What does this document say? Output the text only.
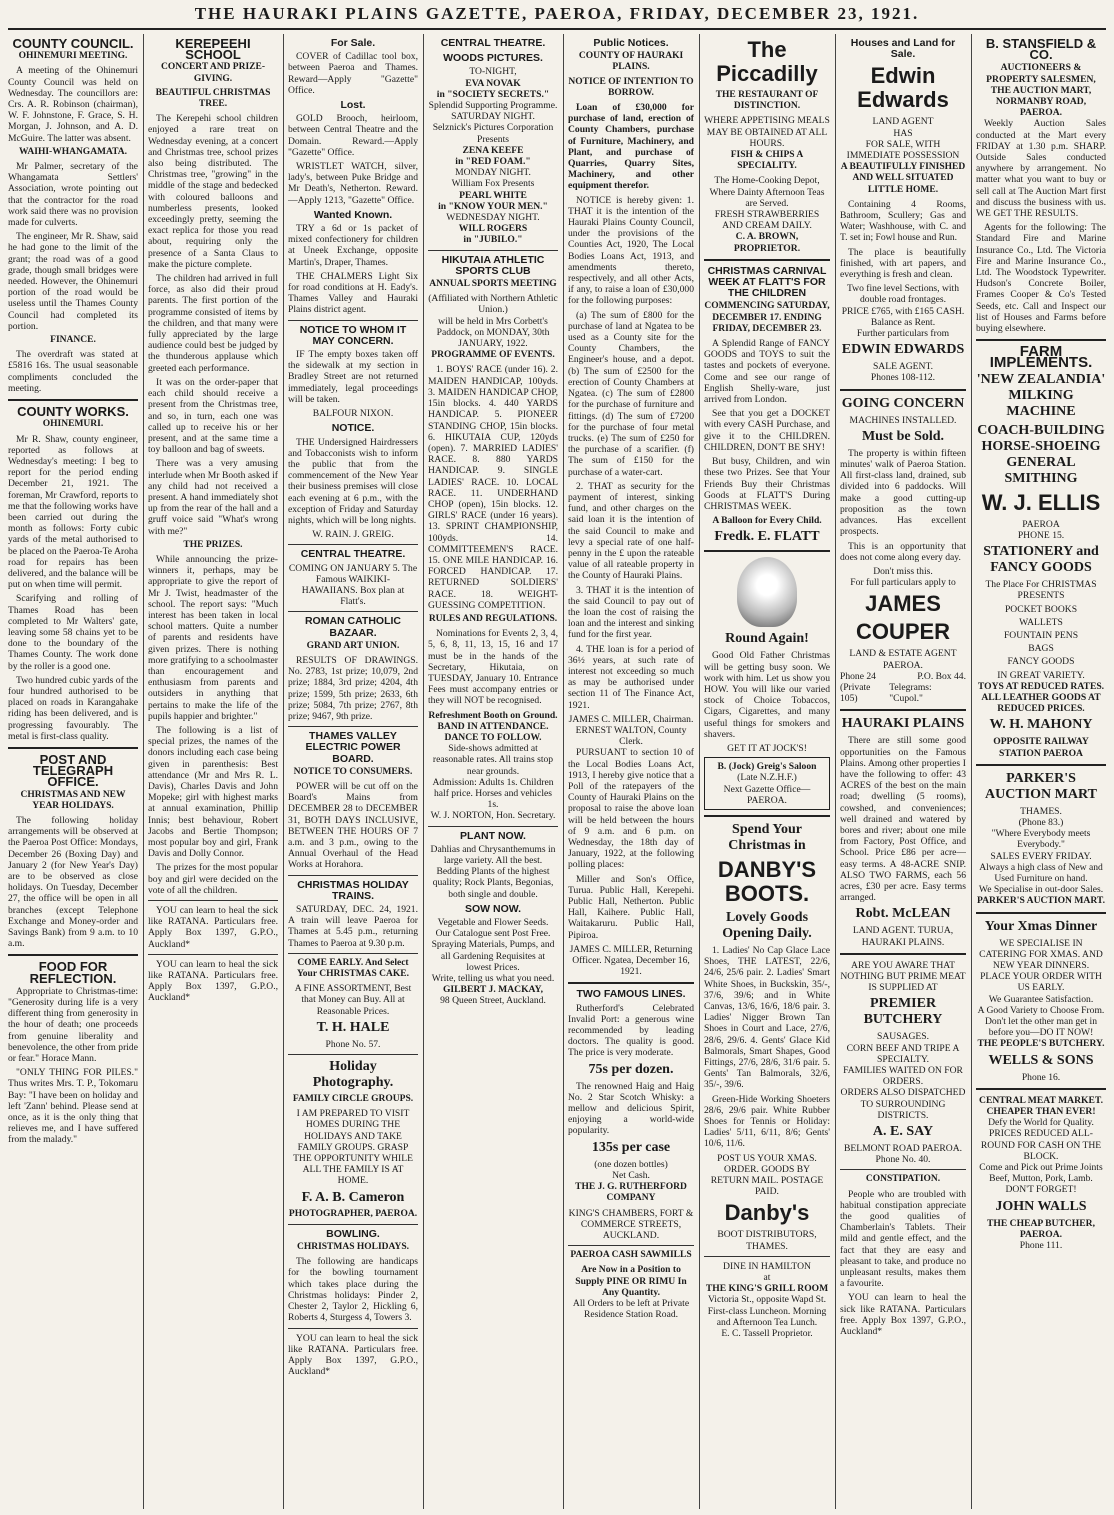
THE HAURAKI PLAINS GAZETTE, PAEROA, FRIDAY, DECEMBER 23, 1921.
COUNTY COUNCIL.
OHINEMURI MEETING.

A meeting of the Ohinemuri County Council was held on Wednesday. The councillors are: Crs. A. R. Robinson (chairman), W. F. Johnstone, F. Grace, S. H. Morgan, J. Johnson, and A. D. McGuire. The latter was absent.

WAIHI-WHANGAMATA.

Mr Palmer, secretary of the Whangamata Settlers' Association, wrote pointing out that the contractor for the road work said there was no provision made for culverts.

The engineer, Mr R. Shaw, said he had gone to the limit of the grant; the road was of a good grade, though small bridges were needed. However, the Ohinemuri portion of the road would be useless until the Thames County Council had completed its portion.

FINANCE.

The overdraft was stated at £5816 16s. The usual seasonable compliments concluded the meeting.

COUNTY WORKS.
OHINEMURI.

Mr R. Shaw, county engineer, reported as follows at Wednesday's meeting: I beg to report for the period ending December 21, 1921. The foreman, Mr Crawford, reports to me that the following works have been carried out during the month as follows: Forty cubic yards of the metal authorised to be placed on the Paeroa-Te Aroha road for repairs has been delivered, and the balance will be put on when time will permit.

Scarifying and rolling of Thames Road has been completed to Mr Walters' gate, leaving some 58 chains yet to be done to the boundary of the Thames County. The work done by the roller is a good one.

Two hundred cubic yards of the four hundred authorised to be placed on roads in Karangahake riding has been delivered, and is progressing favourably. The metal is first-class quality.

POST AND TELEGRAPH OFFICE.
CHRISTMAS AND NEW YEAR HOLIDAYS.

The following holiday arrangements will be observed at the Paeroa Post Office: Mondays, December 26 (Boxing Day) and January 2 (for New Year's Day) are to be observed as close holidays. On Tuesday, December 27, the office will be open in all branches (except Telephone Exchange and Money-order and Savings Bank) from 9 a.m. to 10 a.m.

FOOD FOR REFLECTION.

Appropriate to Christmas-time: "Generosity during life is a very different thing from generosity in the hour of death; one proceeds from genuine liberality and benevolence, the other from pride or fear." Horace Mann.

"ONLY THING FOR PILES." Thus writes Mrs. T. P., Tokomaru Bay: "I have been on holiday and left 'Zann' behind. Please send at once, as it is the only thing that relieves me, and I have suffered from the malady."

KEREPEEHI SCHOOL
CONCERT AND PRIZE-GIVING.
BEAUTIFUL CHRISTMAS TREE.

The Kerepehi school children enjoyed a rare treat on Wednesday evening, at a concert and Christmas tree, school prizes also being distributed. The Christmas tree, "growing" in the middle of the stage and bedecked with coloured balloons and numberless presents, looked exceedingly pretty, seeming the exact replica for those you read about, requiring only the presence of a Santa Claus to make the picture complete.

The children had arrived in full force, as also did their proud parents. The first portion of the programme consisted of items by the children, and that many were fully appreciated by the large audience could best be judged by the thunderous applause which greeted each performance.

It was on the order-paper that each child should receive a present from the Christmas tree, and so, in turn, each one was called up to receive his or her present, and at the same time a toy balloon and bag of sweets.

There was a very amusing interlude when Mr Booth asked if any child had not received a present. A hand immediately shot up from the rear of the hall and a gruff voice said "What's wrong with me?"

THE PRIZES.

While announcing the prize-winners it, perhaps, may be appropriate to give the report of Mr J. Twist, headmaster of the school. The report says: "Much interest has been taken in local school matters. Quite a number of parents and residents have given prizes. There is nothing more gratifying to a schoolmaster than encouragement and enthusiasm from parents and outsiders in anything that pertains to make the life of the pupils happier and brighter."

The following is a list of special prizes, the names of the donors including each case being given in parenthesis: Best attendance (Mr and Mrs R. L. Davis), Charles Davis and John Mopeke; girl with highest marks at annual examination, Phillip Innis; best behaviour, Robert Jacobs and Bertie Thompson; most popular boy and girl, Frank Davis and Dolly Connor.

The prizes for the most popular boy and girl were decided on the vote of all the children.

YOU can learn to heal the sick like RATANA. Particulars free. Apply Box 1397, G.P.O., Auckland*

YOU can learn to heal the sick like RATANA. Particulars free. Apply Box 1397, G.P.O., Auckland*

For Sale.

COVER of Cadillac tool box, between Paeroa and Thames. Reward—Apply "Gazette" Office.

Lost.

GOLD Brooch, heirloom, between Central Theatre and the Domain. Reward.—Apply "Gazette" Office.

WRISTLET WATCH, silver, lady's, between Puke Bridge and Mr Death's, Netherton. Reward.—Apply 1213, "Gazette" Office.

Wanted Known.

TRY a 6d or 1s packet of mixed confectionery for children at Uneek Exchange, opposite Martin's, Draper, Thames.

THE CHALMERS Light Six for road conditions at H. Eady's. Thames Valley and Hauraki Plains district agent.

NOTICE TO WHOM IT MAY CONCERN.

IF The empty boxes taken off the sidewalk at my section in Bradley Street are not returned immediately, legal proceedings will be taken.

BALFOUR NIXON.
NOTICE.

THE Undersigned Hairdressers and Tobacconists wish to inform the public that from the commencement of the New Year their business premises will close each evening at 6 p.m., with the exception of Friday and Saturday nights, which will be long nights.

W. RAIN. J. GREIG.
CENTRAL THEATRE.
COMING ON JANUARY 5. The Famous WAIKIKI-HAWAIIANS. Box plan at Flatt's.
ROMAN CATHOLIC BAZAAR.
GRAND ART UNION.

RESULTS OF DRAWINGS. No. 2783, 1st prize; 10,079, 2nd prize; 1884, 3rd prize; 4204, 4th prize; 1599, 5th prize; 2633, 6th prize; 5084, 7th prize; 2767, 8th prize; 9467, 9th prize.

THAMES VALLEY ELECTRIC POWER BOARD.
NOTICE TO CONSUMERS.

POWER will be cut off on the Board's Mains from DECEMBER 28 to DECEMBER 31, BOTH DAYS INCLUSIVE, BETWEEN THE HOURS OF 7 a.m. and 3 p.m., owing to the Annual Overhaul of the Head Works at Horahora.

CHRISTMAS HOLIDAY TRAINS.

SATURDAY, DEC. 24, 1921. A train will leave Paeroa for Thames at 5.45 p.m., returning Thames to Paeroa at 9.30 p.m.

COME EARLY. And Select Your CHRISTMAS CAKE.
A FINE ASSORTMENT, Best that Money can Buy. All at Reasonable Prices.
T. H. HALE
Phone No. 57.
Holiday Photography.
FAMILY CIRCLE GROUPS.
I AM PREPARED TO VISIT HOMES DURING THE HOLIDAYS AND TAKE FAMILY GROUPS. GRASP THE OPPORTUNITY WHILE ALL THE FAMILY IS AT HOME.
F. A. B. Cameron
PHOTOGRAPHER, PAEROA.
BOWLING.
CHRISTMAS HOLIDAYS.

The following are handicaps for the bowling tournament which takes place during the Christmas holidays: Pinder 2, Chester 2, Taylor 2, Hickling 6, Roberts 4, Sturgess 4, Towers 3.

YOU can learn to heal the sick like RATANA. Particulars free. Apply Box 1397, G.P.O., Auckland*

CENTRAL THEATRE.
WOODS PICTURES.
TO-NIGHT,
EVA NOVAK
in "SOCIETY SECRETS."
Splendid Supporting Programme.
SATURDAY NIGHT.
Selznick's Pictures Corporation Presents
ZENA KEEFE
in "RED FOAM."
MONDAY NIGHT.
William Fox Presents
PEARL WHITE
in "KNOW YOUR MEN."
WEDNESDAY NIGHT.
WILL ROGERS
in "JUBILO."
HIKUTAIA ATHLETIC SPORTS CLUB
ANNUAL SPORTS MEETING
(Affiliated with Northern Athletic Union.)
will be held in Mrs Corbett's Paddock, on MONDAY, 30th JANUARY, 1922.
PROGRAMME OF EVENTS.

1. BOYS' RACE (under 16). 2. MAIDEN HANDICAP, 100yds. 3. MAIDEN HANDICAP CHOP, 15in blocks. 4. 440 YARDS HANDICAP. 5. PIONEER STANDING CHOP, 15in blocks. 6. HIKUTAIA CUP, 120yds (open). 7. MARRIED LADIES' RACE. 8. 880 YARDS HANDICAP. 9. SINGLE LADIES' RACE. 10. LOCAL RACE. 11. UNDERHAND CHOP (open), 15in blocks. 12. GIRLS' RACE (under 16 years). 13. SPRINT CHAMPIONSHIP, 100yds. 14. COMMITTEEMEN'S RACE. 15. ONE MILE HANDICAP. 16. FORCED HANDICAP. 17. RETURNED SOLDIERS' RACE. 18. WEIGHT-GUESSING COMPETITION.

RULES AND REGULATIONS.

Nominations for Events 2, 3, 4, 5, 6, 8, 11, 13, 15, 16 and 17 must be in the hands of the Secretary, Hikutaia, on TUESDAY, January 10. Entrance Fees must accompany entries or they will NOT be recognised.

Refreshment Booth on Ground. BAND IN ATTENDANCE. DANCE TO FOLLOW.
Side-shows admitted at reasonable rates. All trains stop near grounds.
Admission: Adults 1s. Children half price. Horses and vehicles 1s.
W. J. NORTON, Hon. Secretary.
PLANT NOW.
Dahlias and Chrysanthemums in large variety. All the best.
Bedding Plants of the highest quality; Rock Plants, Begonias, both single and double.
SOW NOW.
Vegetable and Flower Seeds.
Our Catalogue sent Post Free.
Spraying Materials, Pumps, and all Gardening Requisites at lowest Prices.
Write, telling us what you need.
GILBERT J. MACKAY,
98 Queen Street, Auckland.
Public Notices.
COUNTY OF HAURAKI PLAINS.
NOTICE OF INTENTION TO BORROW.

Loan of £30,000 for purchase of land, erection of County Chambers, purchase of Furniture, Machinery, and Plant, and purchase of Quarries, Quarry Sites, Machinery, and other equipment therefor.

NOTICE is hereby given: 1. THAT it is the intention of the Hauraki Plains County Council, under the provisions of the Counties Act, 1920, The Local Bodies Loans Act, 1913, and amendments thereto, respectively, and all other Acts, if any, to raise a loan of £30,000 for the following purposes:

(a) The sum of £800 for the purchase of land at Ngatea to be used as a County site for the County Chambers, the Engineer's house, and a depot. (b) The sum of £2500 for the erection of County Chambers at Ngatea. (c) The sum of £2800 for the purchase of furniture and fittings. (d) The sum of £7200 for the purchase of four metal trucks. (e) The sum of £250 for the purchase of a scarifier. (f) The sum of £150 for the purchase of a water-cart.

2. THAT as security for the payment of interest, sinking fund, and other charges on the said loan it is the intention of the said Council to make and levy a special rate of one half-penny in the £ upon the rateable value of all rateable property in the County of Hauraki Plains.

3. THAT it is the intention of the said Council to pay out of the loan the cost of raising the loan and the interest and sinking fund for the first year.

4. THE loan is for a period of 36½ years, at such rate of interest not exceeding so much as may be authorised under section 11 of The Finance Act, 1921.

JAMES C. MILLER, Chairman. ERNEST WALTON, County Clerk.

PURSUANT to section 10 of the Local Bodies Loans Act, 1913, I hereby give notice that a Poll of the ratepayers of the County of Hauraki Plains on the proposal to raise the above loan will be held between the hours of 9 a.m. and 6 p.m. on Wednesday, the 18th day of January, 1922, at the following polling places:

Miller and Son's Office, Turua. Public Hall, Kerepehi. Public Hall, Netherton. Public Hall, Kaihere. Public Hall, Waitakaruru. Public Hall, Pipiroa.

JAMES C. MILLER, Returning Officer. Ngatea, December 16, 1921.
TWO FAMOUS LINES.

Rutherford's Celebrated Invalid Port: a generous wine recommended by leading doctors. The quality is good. The price is very moderate.

75s per dozen.

The renowned Haig and Haig No. 2 Star Scotch Whisky: a mellow and delicious Spirit, enjoying a world-wide popularity.

135s per case
(one dozen bottles)
Net Cash.
THE J. G. RUTHERFORD COMPANY
KING'S CHAMBERS, FORT & COMMERCE STREETS, AUCKLAND.
PAEROA CASH SAWMILLS
Are Now in a Position to Supply PINE OR RIMU In Any Quantity.
All Orders to be left at Private Residence Station Road.
The Piccadilly
THE RESTAURANT OF DISTINCTION.
WHERE APPETISING MEALS MAY BE OBTAINED AT ALL HOURS.
FISH & CHIPS A SPECIALITY.
The Home-Cooking Depot, Where Dainty Afternoon Teas are Served.
FRESH STRAWBERRIES AND CREAM DAILY.
C. A. BROWN, PROPRIETOR.
CHRISTMAS CARNIVAL WEEK AT FLATT'S FOR THE CHILDREN
COMMENCING SATURDAY, DECEMBER 17. ENDING FRIDAY, DECEMBER 23.

A Splendid Range of FANCY GOODS and TOYS to suit the tastes and pockets of everyone. Come and see our range of English Shelly-ware, just arrived from London.

See that you get a DOCKET with every CASH Purchase, and give it to the CHILDREN. CHILDREN, DON'T BE SHY!

But busy, Children, and win these two Prizes. See that Your Friends Buy their Christmas Goods at FLATT'S During CHRISTMAS WEEK.

A Balloon for Every Child.
Fredk. E. FLATT
Round Again!

Good Old Father Christmas will be getting busy soon. We work with him. Let us show you HOW. You will like our varied stock of Choice Tobaccos, Cigars, Cigarettes, and many useful things for smokers and shavers.

GET IT AT JOCK'S!
B. (Jock) Greig's Saloon
(Late N.Z.H.F.)
Next Gazette Office—PAEROA.
Spend Your Christmas in
DANBY'S BOOTS.
Lovely Goods Opening Daily.

1. Ladies' No Cap Glace Lace Shoes, THE LATEST, 22/6, 24/6, 25/6 pair. 2. Ladies' Smart White Shoes, in Buckskin, 35/-, 37/6, 39/6; and in White Canvas, 13/6, 16/6, 18/6 pair. 3. Ladies' Nigger Brown Tan Shoes in Court and Lace, 27/6, 28/6, 29/6. 4. Gents' Glace Kid Balmorals, Smart Shapes, Good Fittings, 27/6, 28/6, 31/6 pair. 5. Gents' Tan Balmorals, 32/6, 35/-, 39/6.

Green-Hide Working Shoeters 28/6, 29/6 pair. White Rubber Shoes for Tennis or Holiday: Ladies' 5/11, 6/11, 8/6; Gents' 10/6, 11/6.

POST US YOUR XMAS. ORDER. GOODS BY RETURN MAIL. POSTAGE PAID.
Danby's
BOOT DISTRIBUTORS, THAMES.
DINE IN HAMILTON
at
THE KING'S GRILL ROOM
Victoria St., opposite Wapd St. First-class Luncheon. Morning and Afternoon Tea Lunch.
E. C. Tassell Proprietor.
Houses and Land for Sale.
Edwin Edwards
LAND AGENT
HAS
FOR SALE, WITH IMMEDIATE POSSESSION
A BEAUTIFULLY FINISHED AND WELL SITUATED LITTLE HOME.

Containing 4 Rooms, Bathroom, Scullery; Gas and Water; Washhouse, with C. and T. set in; Fowl house and Run.

The place is beautifully finished, with art papers, and everything is fresh and clean.

Two fine level Sections, with double road frontages.
PRICE £765, with £165 CASH. Balance as Rent.
Further particulars from
EDWIN EDWARDS
SALE AGENT.
Phones 108-112.
GOING CONCERN
MACHINES INSTALLED.
Must be Sold.

The property is within fifteen minutes' walk of Paeroa Station. All first-class land, drained, sub divided into 6 paddocks. Will make a good cutting-up proposition as the town advances. Has excellent prospects.

This is an opportunity that does not come along every day.

Don't miss this.
For full particulars apply to
JAMES
COUPER
LAND & ESTATE AGENT
PAEROA.
Phone 24	P.O. Box 44.
(Private 105)
Telegrams: "Cupol."
HAURAKI PLAINS

There are still some good opportunities on the Famous Plains. Among other properties I have the following to offer: 43 ACRES of the best on the main road; dwelling (5 rooms), cowshed, and conveniences; well drained and watered by bores and river; about one mile from Factory, Post Office, and School. Price £86 per acre—easy terms. A 48-ACRE SNIP. ALSO TWO FARMS, each 56 acres, £30 per acre. Easy terms arranged.

Robt. McLEAN
LAND AGENT. TURUA, HAURAKI PLAINS.
ARE YOU AWARE THAT NOTHING BUT PRIME MEAT IS SUPPLIED AT
PREMIER BUTCHERY
SAUSAGES.
CORN BEEF AND TRIPE A SPECIALTY.
FAMILIES WAITED ON FOR ORDERS.
ORDERS ALSO DISPATCHED TO SURROUNDING DISTRICTS.
A. E. SAY
BELMONT ROAD PAEROA.
Phone No. 40.
CONSTIPATION.

People who are troubled with habitual constipation appreciate the good qualities of Chamberlain's Tablets. Their mild and gentle effect, and the fact that they are easy and pleasant to take, and produce no unpleasant results, makes them a favourite.

YOU can learn to heal the sick like RATANA. Particulars free. Apply Box 1397, G.P.O., Auckland*

B. STANSFIELD & CO.
AUCTIONEERS & PROPERTY SALESMEN, THE AUCTION MART, NORMANBY ROAD, PAEROA.

Weekly Auction Sales conducted at the Mart every FRIDAY at 1.30 p.m. SHARP. Outside Sales conducted anywhere by arrangement. No matter what you want to buy or sell call at The Auction Mart first and discuss the business with us. WE GET THE RESULTS.

Agents for the following: The Standard Fire and Marine Insurance Co., Ltd. The Victoria Fire and Marine Insurance Co., Ltd. The Woodstock Typewriter. Hudson's Concrete Boiler, Frames Cooper & Co's Tested Seeds, etc. Call and Inspect our list of Houses and Farms before buying elsewhere.

FARM IMPLEMENTS.
'NEW ZEALANDIA' MILKING MACHINE
COACH-BUILDING HORSE-SHOEING GENERAL SMITHING
W. J. ELLIS
PAEROA
PHONE 15.
STATIONERY and FANCY GOODS
The Place For CHRISTMAS PRESENTS
POCKET BOOKS
WALLETS
FOUNTAIN PENS
BAGS
FANCY GOODS
IN GREAT VARIETY.
TOYS AT REDUCED RATES.
ALL LEATHER GOODS AT REDUCED PRICES.
W. H. MAHONY
OPPOSITE RAILWAY STATION PAEROA
PARKER'S AUCTION MART
THAMES.
(Phone 83.)
"Where Everybody meets Everybody."
SALES EVERY FRIDAY.
Always a high class of New and Used Furniture on hand.
We Specialise in out-door Sales.
PARKER'S AUCTION MART.
Your Xmas Dinner
WE SPECIALISE IN CATERING FOR XMAS. AND NEW YEAR DINNERS.
PLACE YOUR ORDER WITH US EARLY.
We Guarantee Satisfaction.
A Good Variety to Choose From.
Don't let the other man get in before you—DO IT NOW!
THE PEOPLE'S BUTCHERY.
WELLS & SONS
Phone 16.
CENTRAL MEAT MARKET.
CHEAPER THAN EVER!
Defy the World for Quality.
PRICES REDUCED ALL-ROUND FOR CASH ON THE BLOCK.
Come and Pick out Prime Joints Beef, Mutton, Pork, Lamb.
DON'T FORGET!
JOHN WALLS
THE CHEAP BUTCHER, PAEROA.
Phone 111.
